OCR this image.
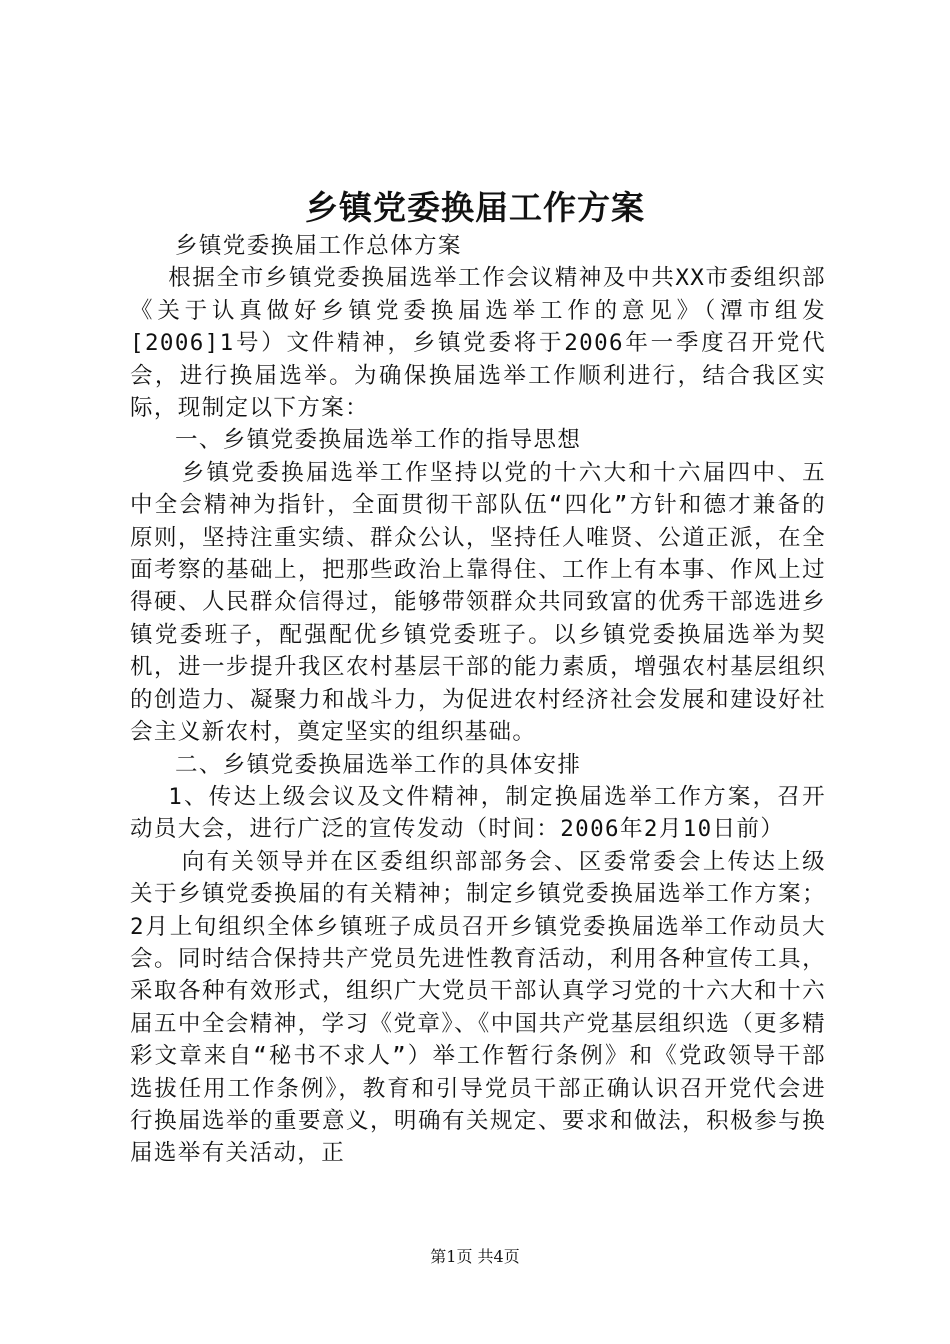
乡镇党委换届工作方案

乡镇党委换届工作总体方案

根据全市乡镇党委换届选举工作会议精神及中共XX市委组织部《关于认真做好乡镇党委换届选举工作的意见》（潭市组发[2006]1号）文件精神，乡镇党委将于2006年一季度召开党代会，进行换届选举。为确保换届选举工作顺利进行，结合我区实际，现制定以下方案：

一、乡镇党委换届选举工作的指导思想

乡镇党委换届选举工作坚持以党的十六大和十六届四中、五中全会精神为指针，全面贯彻干部队伍“四化”方针和德才兼备的原则，坚持注重实绩、群众公认，坚持任人唯贤、公道正派，在全面考察的基础上，把那些政治上靠得住、工作上有本事、作风上过得硬、人民群众信得过，能够带领群众共同致富的优秀干部选进乡镇党委班子，配强配优乡镇党委班子。以乡镇党委换届选举为契机，进一步提升我区农村基层干部的能力素质，增强农村基层组织的创造力、凝聚力和战斗力，为促进农村经济社会发展和建设好社会主义新农村，奠定坚实的组织基础。

二、乡镇党委换届选举工作的具体安排

1、传达上级会议及文件精神，制定换届选举工作方案，召开动员大会，进行广泛的宣传发动（时间：2006年2月10日前）

向有关领导并在区委组织部部务会、区委常委会上传达上级关于乡镇党委换届的有关精神；制定乡镇党委换届选举工作方案；2月上旬组织全体乡镇班子成员召开乡镇党委换届选举工作动员大会。同时结合保持共产党员先进性教育活动，利用各种宣传工具，采取各种有效形式，组织广大党员干部认真学习党的十六大和十六届五中全会精神，学习《党章》、《中国共产党基层组织选（更多精彩文章来自“秘书不求人”）举工作暂行条例》和《党政领导干部选拔任用工作条例》，教育和引导党员干部正确认识召开党代会进行换届选举的重要意义，明确有关规定、要求和做法，积极参与换届选举有关活动，正

第1页 共4页
